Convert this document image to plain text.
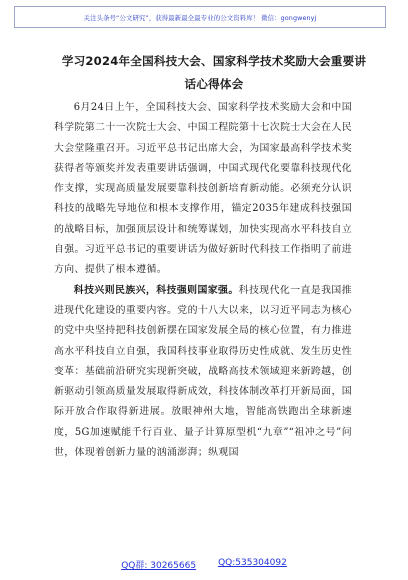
关注头条号“公文研究”，获得最新最全最专业的公文资料库！ 微信：gongwenyj
学习2024年全国科技大会、国家科学技术奖励大会重要讲
话心得体会

6月24日上午，全国科技大会、国家科学技术奖励大会和中国科学院第二十一次院士大会、中国工程院第十七次院士大会在人民大会堂隆重召开。习近平总书记出席大会，为国家最高科学技术奖获得者等颁奖并发表重要讲话强调，中国式现代化要靠科技现代化作支撑，实现高质量发展要靠科技创新培育新动能。必须充分认识科技的战略先导地位和根本支撑作用，锚定2035年建成科技强国的战略目标，加强顶层设计和统筹谋划，加快实现高水平科技自立自强。习近平总书记的重要讲话为做好新时代科技工作指明了前进方向、提供了根本遵循。

科技兴则民族兴，科技强则国家强。科技现代化一直是我国推进现代化建设的重要内容。党的十八大以来，以习近平同志为核心的党中央坚持把科技创新摆在国家发展全局的核心位置，有力推进高水平科技自立自强，我国科技事业取得历史性成就、发生历史性变革：基础前沿研究实现新突破，战略高技术领域迎来新跨越，创新驱动引领高质量发展取得新成效，科技体制改革打开新局面，国际开放合作取得新进展。放眼神州大地，智能高铁跑出全球新速度，5G加速赋能千行百业、量子计算原型机“九章”“祖冲之号”问世，体现着创新力量的汹涌澎湃；纵观国

QQ群: 30265665 QQ:535304092
